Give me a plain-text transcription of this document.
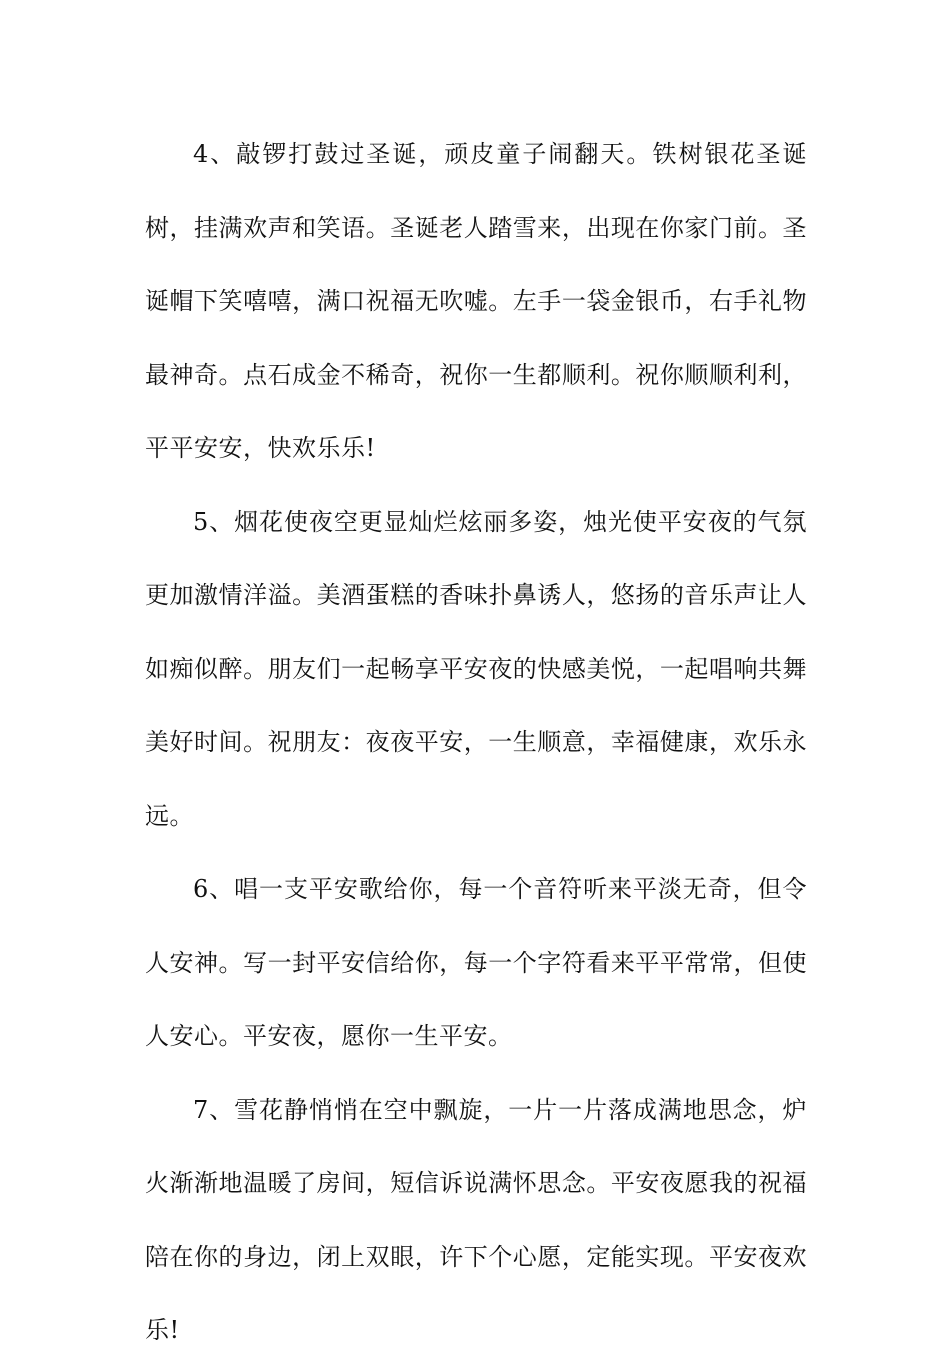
4、敲锣打鼓过圣诞，顽皮童子闹翻天。铁树银花圣诞树，挂满欢声和笑语。圣诞老人踏雪来，出现在你家门前。圣诞帽下笑嘻嘻，满口祝福无吹嘘。左手一袋金银币，右手礼物最神奇。点石成金不稀奇，祝你一生都顺利。祝你顺顺利利，平平安安，快欢乐乐!

5、烟花使夜空更显灿烂炫丽多姿，烛光使平安夜的气氛更加激情洋溢。美酒蛋糕的香味扑鼻诱人，悠扬的音乐声让人如痴似醉。朋友们一起畅享平安夜的快感美悦，一起唱响共舞美好时间。祝朋友：夜夜平安，一生顺意，幸福健康，欢乐永远。

6、唱一支平安歌给你，每一个音符听来平淡无奇，但令人安神。写一封平安信给你，每一个字符看来平平常常，但使人安心。平安夜，愿你一生平安。

7、雪花静悄悄在空中飘旋，一片一片落成满地思念，炉火渐渐地温暖了房间，短信诉说满怀思念。平安夜愿我的祝福陪在你的身边，闭上双眼，许下个心愿，定能实现。平安夜欢乐!
